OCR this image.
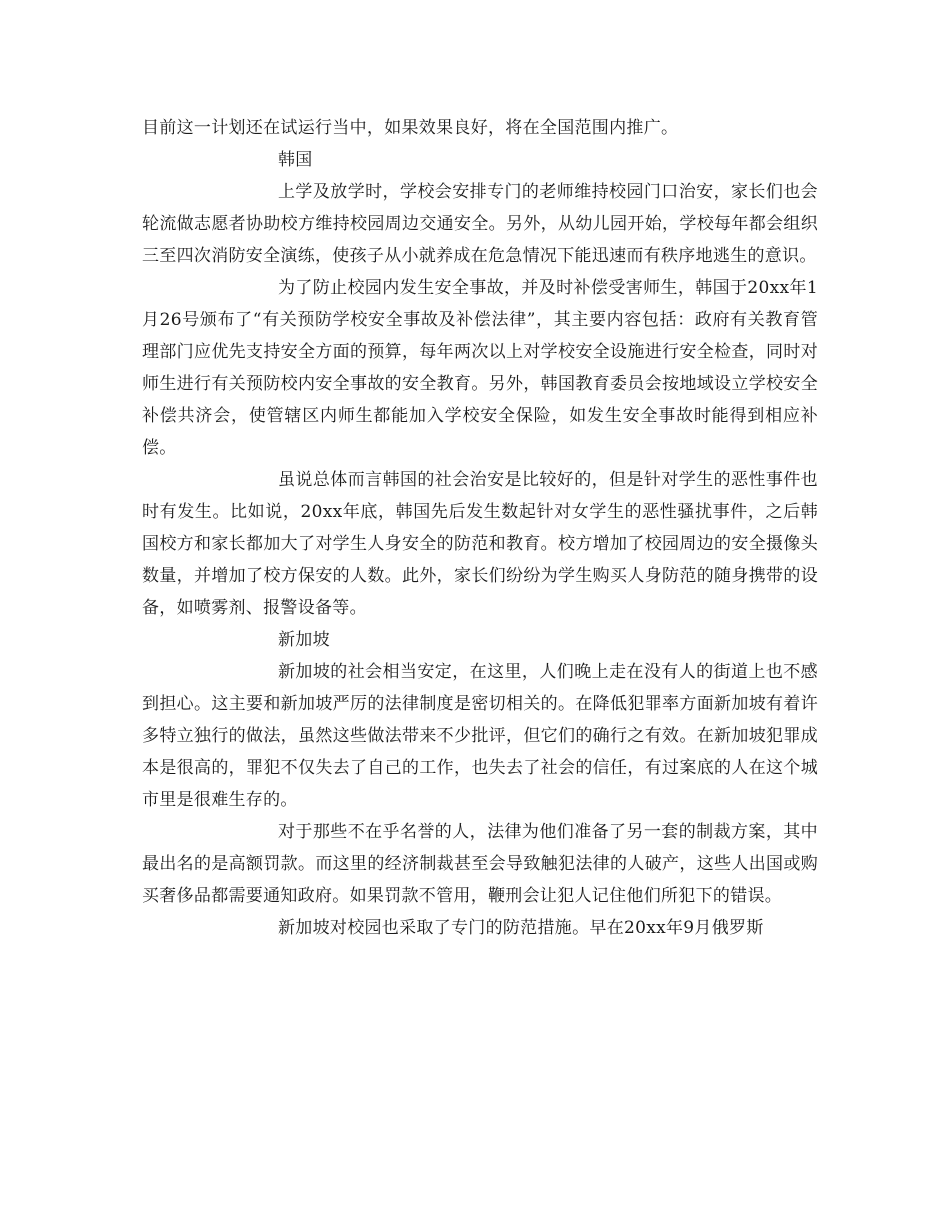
目前这一计划还在试运行当中，如果效果良好，将在全国范围内推广。

韩国

上学及放学时，学校会安排专门的老师维持校园门口治安，家长们也会轮流做志愿者协助校方维持校园周边交通安全。另外，从幼儿园开始，学校每年都会组织三至四次消防安全演练，使孩子从小就养成在危急情况下能迅速而有秩序地逃生的意识。

为了防止校园内发生安全事故，并及时补偿受害师生，韩国于20xx年1月26号颁布了“有关预防学校安全事故及补偿法律”，其主要内容包括：政府有关教育管理部门应优先支持安全方面的预算，每年两次以上对学校安全设施进行安全检查，同时对师生进行有关预防校内安全事故的安全教育。另外，韩国教育委员会按地域设立学校安全补偿共济会，使管辖区内师生都能加入学校安全保险，如发生安全事故时能得到相应补偿。

虽说总体而言韩国的社会治安是比较好的，但是针对学生的恶性事件也时有发生。比如说，20xx年底，韩国先后发生数起针对女学生的恶性骚扰事件，之后韩国校方和家长都加大了对学生人身安全的防范和教育。校方增加了校园周边的安全摄像头数量，并增加了校方保安的人数。此外，家长们纷纷为学生购买人身防范的随身携带的设备，如喷雾剂、报警设备等。

新加坡

新加坡的社会相当安定，在这里，人们晚上走在没有人的街道上也不感到担心。这主要和新加坡严厉的法律制度是密切相关的。在降低犯罪率方面新加坡有着许多特立独行的做法，虽然这些做法带来不少批评，但它们的确行之有效。在新加坡犯罪成本是很高的，罪犯不仅失去了自己的工作，也失去了社会的信任，有过案底的人在这个城市里是很难生存的。

对于那些不在乎名誉的人，法律为他们准备了另一套的制裁方案，其中最出名的是高额罚款。而这里的经济制裁甚至会导致触犯法律的人破产，这些人出国或购买奢侈品都需要通知政府。如果罚款不管用，鞭刑会让犯人记住他们所犯下的错误。

新加坡对校园也采取了专门的防范措施。早在20xx年9月俄罗斯
